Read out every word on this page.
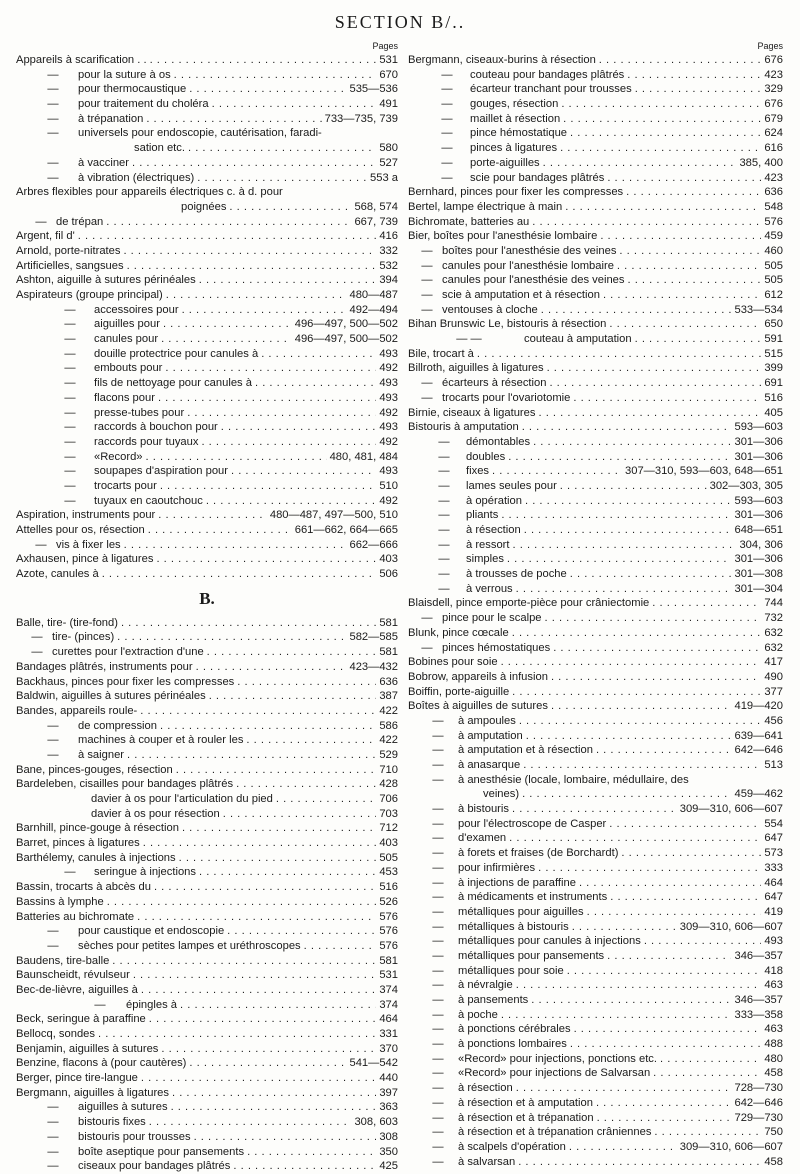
SECTION B/..
Pages
Appareils à scarification . . . . .	531
—	pour la suture à os . . .	670
—	pour thermocaustique . . .	535—536
—	pour traitement du choléra . . .	491
—	à trépanation . . .	733—735, 739
—	universels pour endoscopie, cautérisation, faradi-
sation etc. . . .	580
—	à vacciner . . .	527
—	à vibration (électriques) . . .	553 a
Arbres flexibles pour appareils électriques c. à d. pour
poignées . . .	568, 574
— de trépan . . .	667, 739
Argent, fil d' . . .	416
Arnold, porte-nitrates . . .	332
Artificielles, sangsues . . .	532
Ashton, aiguille à sutures périnéales . . .	394
Aspirateurs (groupe principal) . . .	480—487
—	accessoires pour . . .	492—494
—	aiguilles pour . . .	496—497, 500—502
—	canules pour . . .	496—497, 500—502
—	douille protectrice pour canules à . . .	493
—	embouts pour . . .	492
—	fils de nettoyage pour canules à . . .	493
—	flacons pour . . .	493
—	presse-tubes pour . . .	492
—	raccords à bouchon pour . . .	493
—	raccords pour tuyaux . . .	492
—	«Record» . . .	480, 481, 484
—	soupapes d'aspiration pour . . .	493
—	trocarts pour . . .	510
—	tuyaux en caoutchouc . . .	492
Aspiration, instruments pour . . .	480—487, 497—500, 510
Attelles pour os, résection . . .	661—662, 664—665
— vis à fixer les . . .	662—666
Axhausen, pince à ligatures . . .	403
Azote, canules à . . .	506
B.
Balle, tire- (tire-fond) . . .	581
— tire- (pinces) . . .	582—585
— curettes pour l'extraction d'une . . .	581
Bandages plâtrés, instruments pour . . .	423—432
Backhaus, pinces pour fixer les compresses . . .	636
Baldwin, aiguilles à sutures périnéales . . .	387
Bandes, appareils roule- . . .	422
—	de compression . . .	586
—	machines à couper et à rouler les . . .	422
—	à saigner . . .	529
Bane, pinces-gouges, résection . . .	710
Bardeleben, cisailles pour bandages plâtrés . . .	428
davier à os pour l'articulation du pied . . .	706
davier à os pour résection . . .	703
Barnhill, pince-gouge à résection . . .	712
Barret, pinces à ligatures . . .	403
Barthélemy, canules à injections . . .	505
—	seringue à injections . . .	453
Bassin, trocarts à abcès du . . .	516
Bassins à lymphe . . .	526
Batteries au bichromate . . .	576
—	pour caustique et endoscopie . . .	576
—	sèches pour petites lampes et uréthroscopes . . .	576
Baudens, tire-balle . . .	581
Baunscheidt, révulseur . . .	531
Bec-de-lièvre, aiguilles à . . .	374
—	épingles à . . .	374
Beck, seringue à paraffine . . .	464
Bellocq, sondes . . .	331
Benjamin, aiguilles à sutures . . .	370
Benzine, flacons à (pour cautères) . . .	541—542
Berger, pince tire-langue . . .	440
Bergmann, aiguilles à ligatures . . .	397
—	aiguilles à sutures . . .	363
—	bistouris fixes . . .	308, 603
—	bistouris pour trousses . . .	308
—	boîte aseptique pour pansements . . .	350
—	ciseaux pour bandages plâtrés . . .	425
Pages
Bergmann, ciseaux-burins à résection . . .	676
—	couteau pour bandages plâtrés . . .	423
—	écarteur tranchant pour trousses . . .	329
—	gouges, résection . . .	676
—	maillet à résection . . .	679
—	pince hémostatique . . .	624
—	pinces à ligatures . . .	616
—	porte-aiguilles . . .	385, 400
—	scie pour bandages plâtrés . . .	423
Bernhard, pinces pour fixer les compresses . . .	636
Bertel, lampe électrique à main . . .	548
Bichromate, batteries au . . .	576
Bier, boîtes pour l'anesthésie lombaire . . .	459
— boîtes pour l'anesthésie des veines . . .	460
— canules pour l'anesthésie lombaire . . .	505
— canules pour l'anesthésie des veines . . .	505
— scie à amputation et à résection . . .	612
— ventouses à cloche . . .	533—534
Bihan Brunswic Le, bistouris à résection . . .	650
— —	couteau à amputation . . .	591
Bile, trocart à . . .	515
Billroth, aiguilles à ligatures . . .	399
— écarteurs à résection . . .	691
— trocarts pour l'ovariotomie . . .	516
Birnie, ciseaux à ligatures . . .	405
Bistouris à amputation . . .	593—603
—	démontables . . .	301—306
—	doubles . . .	301—306
—	fixes . . .	307—310, 593—603, 648—651
—	lames seules pour . . .	302—303, 305
—	à opération . . .	593—603
—	pliants . . .	301—306
—	à résection . . .	648—651
—	à ressort . . .	304, 306
—	simples . . .	301—306
—	à trousses de poche . . .	301—308
—	à verrous . . .	301—304
Blaisdell, pince emporte-pièce pour crâniectomie . . .	744
— pince pour le scalpe . . .	732
Blunk, pince cœcale . . .	632
— pinces hémostatiques . . .	632
Bobines pour soie . . .	417
Bobrow, appareils à infusion . . .	490
Boiffin, porte-aiguille . . .	377
Boîtes à aiguilles de sutures . . .	419—420
—	à ampoules . . .	456
—	à amputation . . .	639—641
—	à amputation et à résection . . .	642—646
—	à anasarque . . .	513
—	à anesthésie (locale, lombaire, médullaire, des
veines) . . .	459—462
—	à bistouris . . .	309—310, 606—607
—	pour l'électroscope de Casper . . .	554
—	d'examen . . .	647
—	à forets et fraises (de Borchardt) . . .	573
—	pour infirmières . . .	333
—	à injections de paraffine . . .	464
—	à médicaments et instruments . . .	647
—	métalliques pour aiguilles . . .	419
—	métalliques à bistouris . . .	309—310, 606—607
—	métalliques pour canules à injections . . .	493
—	métalliques pour pansements . . .	346—357
—	métalliques pour soie . . .	418
—	à névralgie . . .	463
—	à pansements . . .	346—357
—	à poche . . .	333—358
—	à ponctions cérébrales . . .	463
—	à ponctions lombaires . . .	488
—	«Record» pour injections, ponctions etc. . . .	480
—	«Record» pour injections de Salvarsan . . .	458
—	à résection . . .	728—730
—	à résection et à amputation . . .	642—646
—	à résection et à trépanation . . .	729—730
—	à résection et à trépanation crâniennes . . .	750
—	à scalpels d'opération . . .	309—310, 606—607
—	à salvarsan . . .	458
